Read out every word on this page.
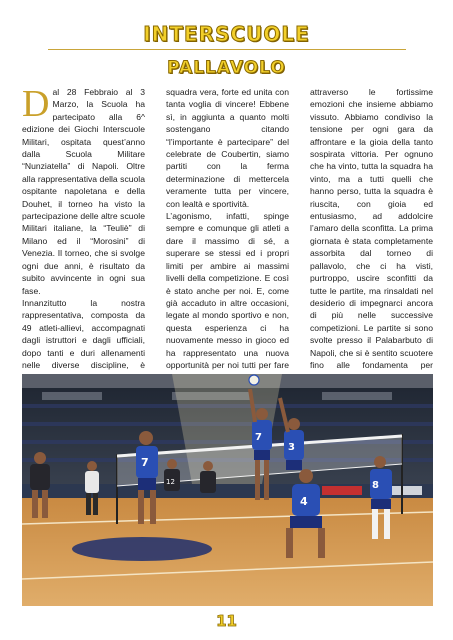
INTERSCUOLE
PALLAVOLO

Dal 28 Febbraio al 3 Marzo, la Scuola ha partecipato alla 6^ edizione dei Giochi Interscuole Militari, ospitata quest’anno dalla Scuola Militare “Nunziatella” di Napoli. Oltre alla rappresentativa della scuola ospitante napoletana e della Douhet, il torneo ha visto la partecipazione delle altre scuole Militari italiane, la “Teuliè” di Milano ed il “Morosini” di Venezia. Il torneo, che si svolge ogni due anni, è risultato da subito avvincente in ogni sua fase.

Innanzitutto la nostra rappresentativa, composta da 49 atleti-allievi, accompagnati dagli istruttori e dagli ufficiali, dopo tanti e duri allenamenti nelle diverse discipline, è

squadra vera, forte ed unita con tanta voglia di vincere! Ebbene sì, in aggiunta a quanto molti sostengano citando “l’importante è partecipare” del celebrate de Coubertin, siamo partiti con la ferma determinazione di mettercela veramente tutta per vincere, con lealtà e sportività.

L’agonismo, infatti, spinge sempre e comunque gli atleti a dare il massimo di sé, a superare se stessi ed i propri limiti per ambire ai massimi livelli della competizione. E così è stato anche per noi. E, come già accaduto in altre occasioni, legate al mondo sportivo e non, questa esperienza ci ha nuovamente messo in gioco ed ha rappresentato una nuova opportunità per noi tutti per fare

attraverso le fortissime emozioni che insieme abbiamo vissuto. Abbiamo condiviso la tensione per ogni gara da affrontare e la gioia della tanto sospirata vittoria. Per ognuno che ha vinto, tutta la squadra ha vinto, ma a tutti quelli che hanno perso, tutta la squadra è riuscita, con gioia ed entusiasmo, ad addolcire l’amaro della sconfitta. La prima giornata è stata completamente assorbita dal torneo di pallavolo, che ci ha visti, purtroppo, uscire sconfitti da tutte le partite, ma rinsaldati nel desiderio di impegnarci ancora di più nelle successive competizioni. Le partite si sono svolte presso il Palabarbuto di Napoli, che si è sentito scuotere fino alle fondamenta per

7
7
3
4
8
12
11
